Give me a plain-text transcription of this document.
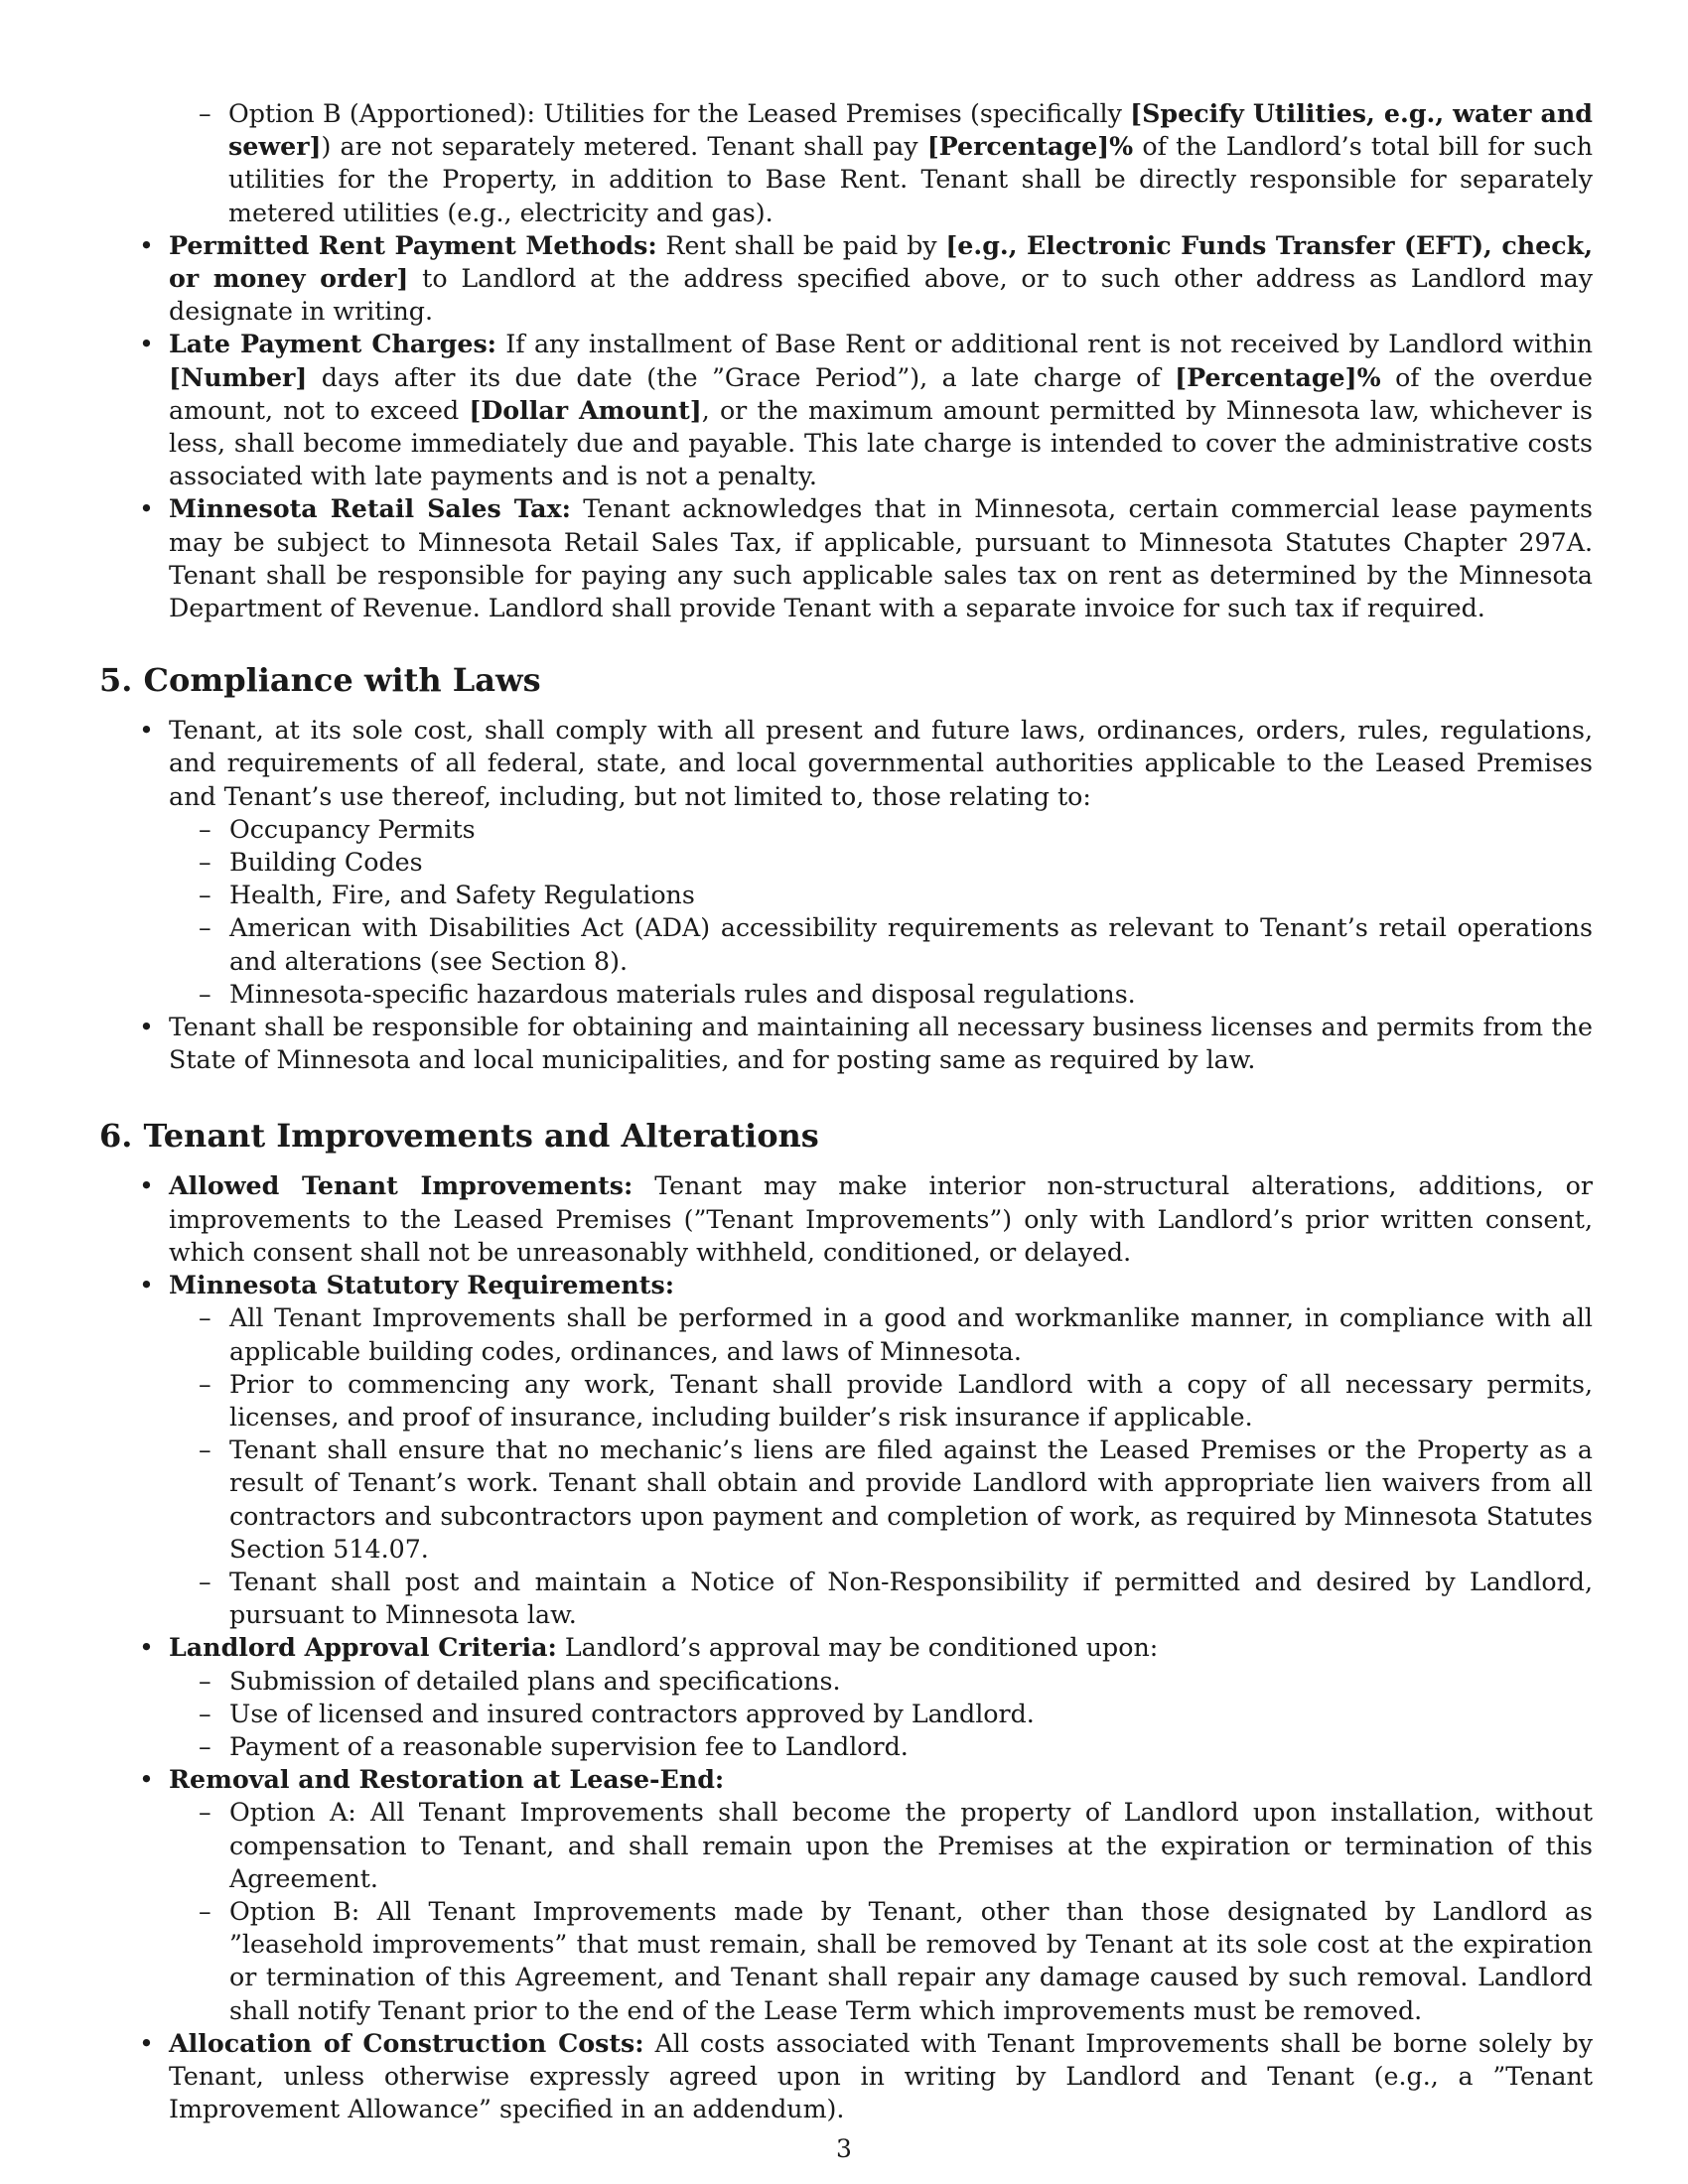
– Option B (Apportioned): Utilities for the Leased Premises (specifically [Specify Utilities, e.g., water and sewer]) are not separately metered. Tenant shall pay [Percentage]% of the Landlord’s total bill for such utilities for the Property, in addition to Base Rent. Tenant shall be directly responsible for separately metered utilities (e.g., electricity and gas).
• Permitted Rent Payment Methods: Rent shall be paid by [e.g., Electronic Funds Transfer (EFT), check, or money order] to Landlord at the address specified above, or to such other address as Landlord may designate in writing.
• Late Payment Charges: If any installment of Base Rent or additional rent is not received by Landlord within [Number] days after its due date (the ”Grace Period”), a late charge of [Percentage]% of the overdue amount, not to exceed [Dollar Amount], or the maximum amount permitted by Minnesota law, whichever is less, shall become immediately due and payable. This late charge is intended to cover the administrative costs associated with late payments and is not a penalty.
• Minnesota Retail Sales Tax: Tenant acknowledges that in Minnesota, certain commercial lease payments may be subject to Minnesota Retail Sales Tax, if applicable, pursuant to Minnesota Statutes Chapter 297A. Tenant shall be responsible for paying any such applicable sales tax on rent as determined by the Minnesota Department of Revenue. Landlord shall provide Tenant with a separate invoice for such tax if required.
5. Compliance with Laws
• Tenant, at its sole cost, shall comply with all present and future laws, ordinances, orders, rules, regulations, and requirements of all federal, state, and local governmental authorities applicable to the Leased Premises and Tenant’s use thereof, including, but not limited to, those relating to:
– Occupancy Permits
– Building Codes
– Health, Fire, and Safety Regulations
– American with Disabilities Act (ADA) accessibility requirements as relevant to Tenant’s retail operations and alterations (see Section 8).
– Minnesota-specific hazardous materials rules and disposal regulations.
• Tenant shall be responsible for obtaining and maintaining all necessary business licenses and permits from the State of Minnesota and local municipalities, and for posting same as required by law.
6. Tenant Improvements and Alterations
• Allowed Tenant Improvements: Tenant may make interior non-structural alterations, additions, or improvements to the Leased Premises (”Tenant Improvements”) only with Landlord’s prior written consent, which consent shall not be unreasonably withheld, conditioned, or delayed.
• Minnesota Statutory Requirements:
– All Tenant Improvements shall be performed in a good and workmanlike manner, in compliance with all applicable building codes, ordinances, and laws of Minnesota.
– Prior to commencing any work, Tenant shall provide Landlord with a copy of all necessary permits, licenses, and proof of insurance, including builder’s risk insurance if applicable.
– Tenant shall ensure that no mechanic’s liens are filed against the Leased Premises or the Property as a result of Tenant’s work. Tenant shall obtain and provide Landlord with appropriate lien waivers from all contractors and subcontractors upon payment and completion of work, as required by Minnesota Statutes Section 514.07.
– Tenant shall post and maintain a Notice of Non-Responsibility if permitted and desired by Landlord, pursuant to Minnesota law.
• Landlord Approval Criteria: Landlord’s approval may be conditioned upon:
– Submission of detailed plans and specifications.
– Use of licensed and insured contractors approved by Landlord.
– Payment of a reasonable supervision fee to Landlord.
• Removal and Restoration at Lease-End:
– Option A: All Tenant Improvements shall become the property of Landlord upon installation, without compensation to Tenant, and shall remain upon the Premises at the expiration or termination of this Agreement.
– Option B: All Tenant Improvements made by Tenant, other than those designated by Landlord as ”leasehold improvements” that must remain, shall be removed by Tenant at its sole cost at the expiration or termination of this Agreement, and Tenant shall repair any damage caused by such removal. Landlord shall notify Tenant prior to the end of the Lease Term which improvements must be removed.
• Allocation of Construction Costs: All costs associated with Tenant Improvements shall be borne solely by Tenant, unless otherwise expressly agreed upon in writing by Landlord and Tenant (e.g., a ”Tenant Improvement Allowance” specified in an addendum).
3
